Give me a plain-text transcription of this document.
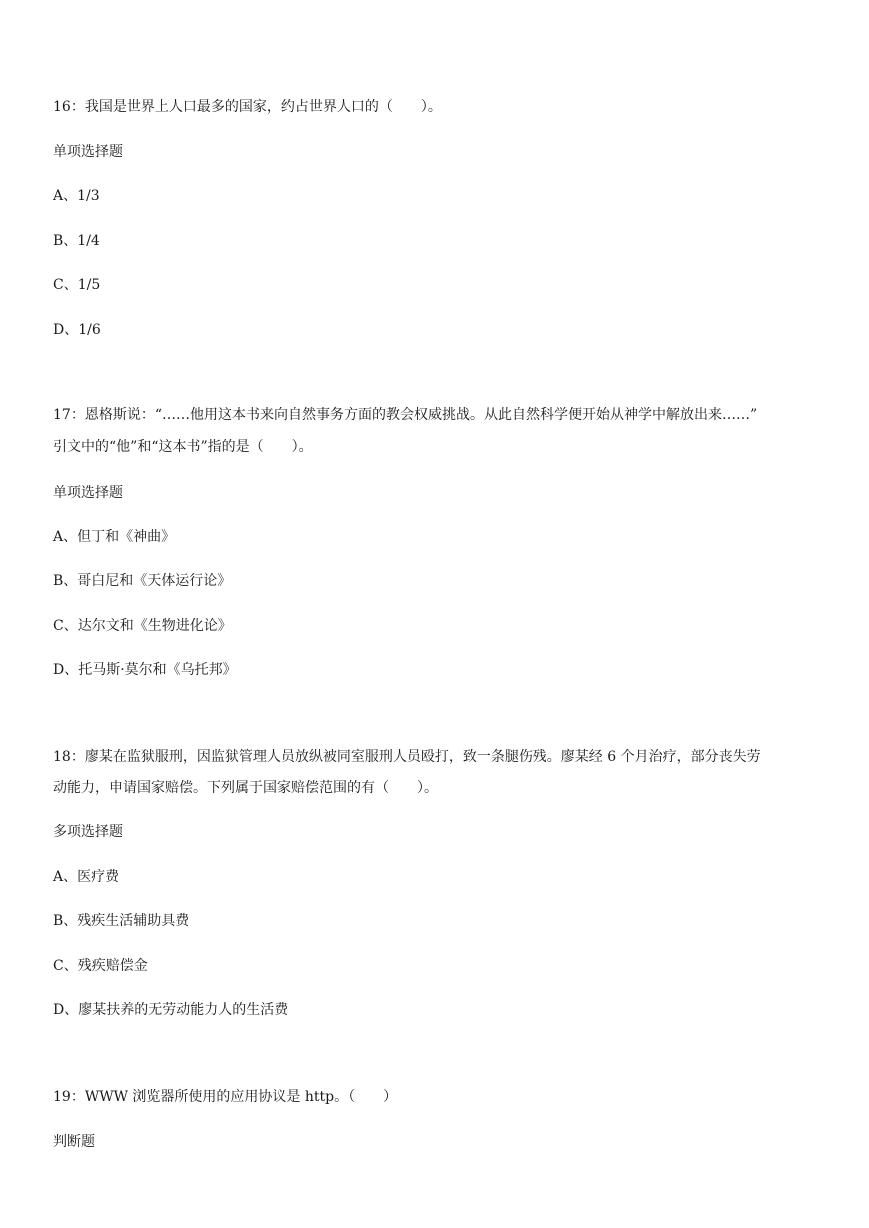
16：我国是世界上人口最多的国家，约占世界人口的（　　）。
单项选择题
A、1/3
B、1/4
C、1/5
D、1/6
17：恩格斯说：“……他用这本书来向自然事务方面的教会权威挑战。从此自然科学便开始从神学中解放出来……”
引文中的“他”和“这本书”指的是（　　）。
单项选择题
A、但丁和《神曲》
B、哥白尼和《天体运行论》
C、达尔文和《生物进化论》
D、托马斯·莫尔和《乌托邦》
18：廖某在监狱服刑，因监狱管理人员放纵被同室服刑人员殴打，致一条腿伤残。廖某经 6 个月治疗，部分丧失劳
动能力，申请国家赔偿。下列属于国家赔偿范围的有（　　）。
多项选择题
A、医疗费
B、残疾生活辅助具费
C、残疾赔偿金
D、廖某扶养的无劳动能力人的生活费
19：WWW 浏览器所使用的应用协议是 http。（　　）
判断题
